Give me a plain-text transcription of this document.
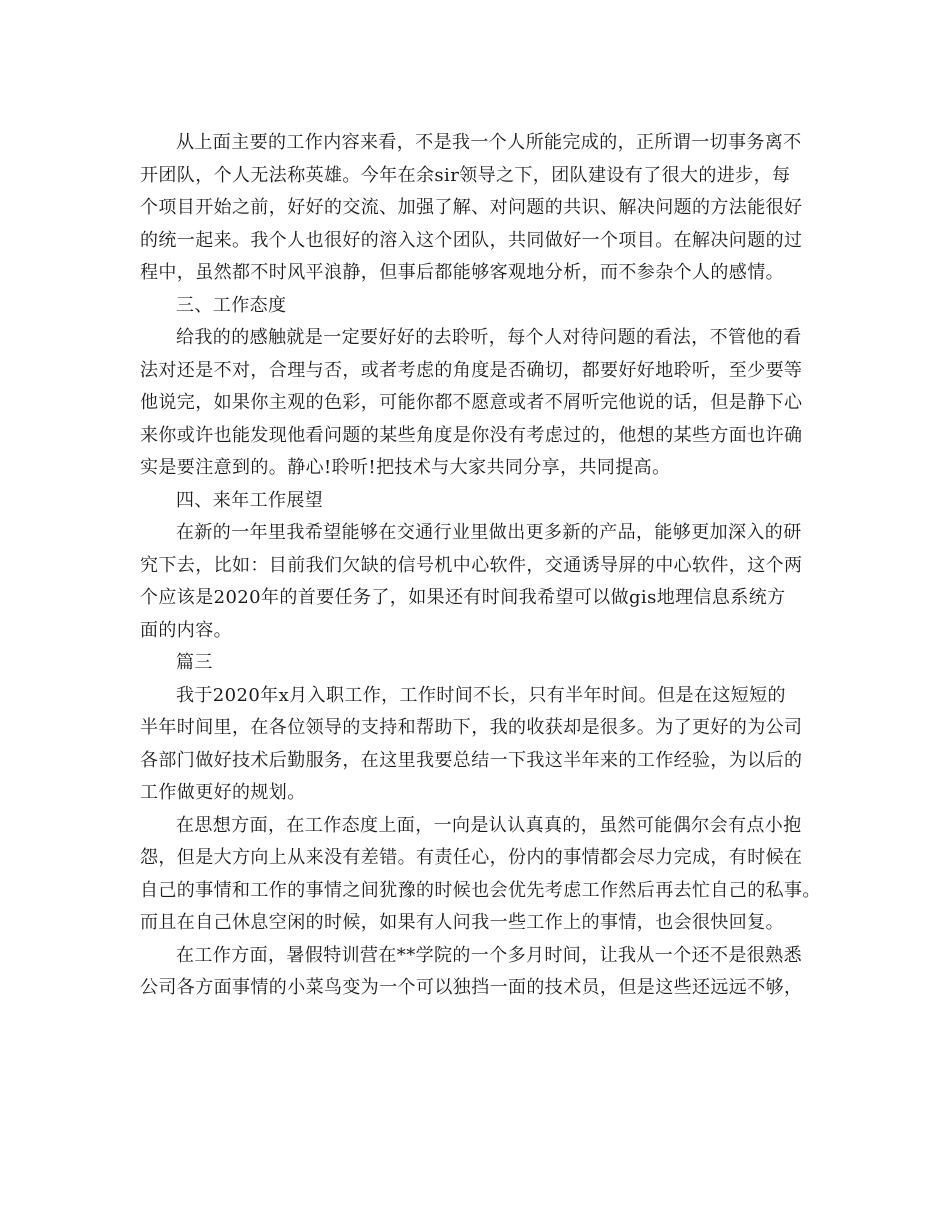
从上面主要的工作内容来看，不是我一个人所能完成的，正所谓一切事务离不
开团队，个人无法称英雄。今年在余sir领导之下，团队建设有了很大的进步，每
个项目开始之前，好好的交流、加强了解、对问题的共识、解决问题的方法能很好
的统一起来。我个人也很好的溶入这个团队，共同做好一个项目。在解决问题的过
程中，虽然都不时风平浪静，但事后都能够客观地分析，而不参杂个人的感情。
三、工作态度
给我的的感触就是一定要好好的去聆听，每个人对待问题的看法，不管他的看
法对还是不对，合理与否，或者考虑的角度是否确切，都要好好地聆听，至少要等
他说完，如果你主观的色彩，可能你都不愿意或者不屑听完他说的话，但是静下心
来你或许也能发现他看问题的某些角度是你没有考虑过的，他想的某些方面也许确
实是要注意到的。静心!聆听!把技术与大家共同分享，共同提高。
四、来年工作展望
在新的一年里我希望能够在交通行业里做出更多新的产品，能够更加深入的研
究下去，比如：目前我们欠缺的信号机中心软件，交通诱导屏的中心软件，这个两
个应该是2020年的首要任务了，如果还有时间我希望可以做gis地理信息系统方
面的内容。
篇三
我于2020年x月入职工作，工作时间不长，只有半年时间。但是在这短短的
半年时间里，在各位领导的支持和帮助下，我的收获却是很多。为了更好的为公司
各部门做好技术后勤服务，在这里我要总结一下我这半年来的工作经验，为以后的
工作做更好的规划。
在思想方面，在工作态度上面，一向是认认真真的，虽然可能偶尔会有点小抱
怨，但是大方向上从来没有差错。有责任心，份内的事情都会尽力完成，有时候在
自己的事情和工作的事情之间犹豫的时候也会优先考虑工作然后再去忙自己的私事。
而且在自己休息空闲的时候，如果有人问我一些工作上的事情，也会很快回复。
在工作方面，暑假特训营在**学院的一个多月时间，让我从一个还不是很熟悉
公司各方面事情的小菜鸟变为一个可以独挡一面的技术员，但是这些还远远不够，
